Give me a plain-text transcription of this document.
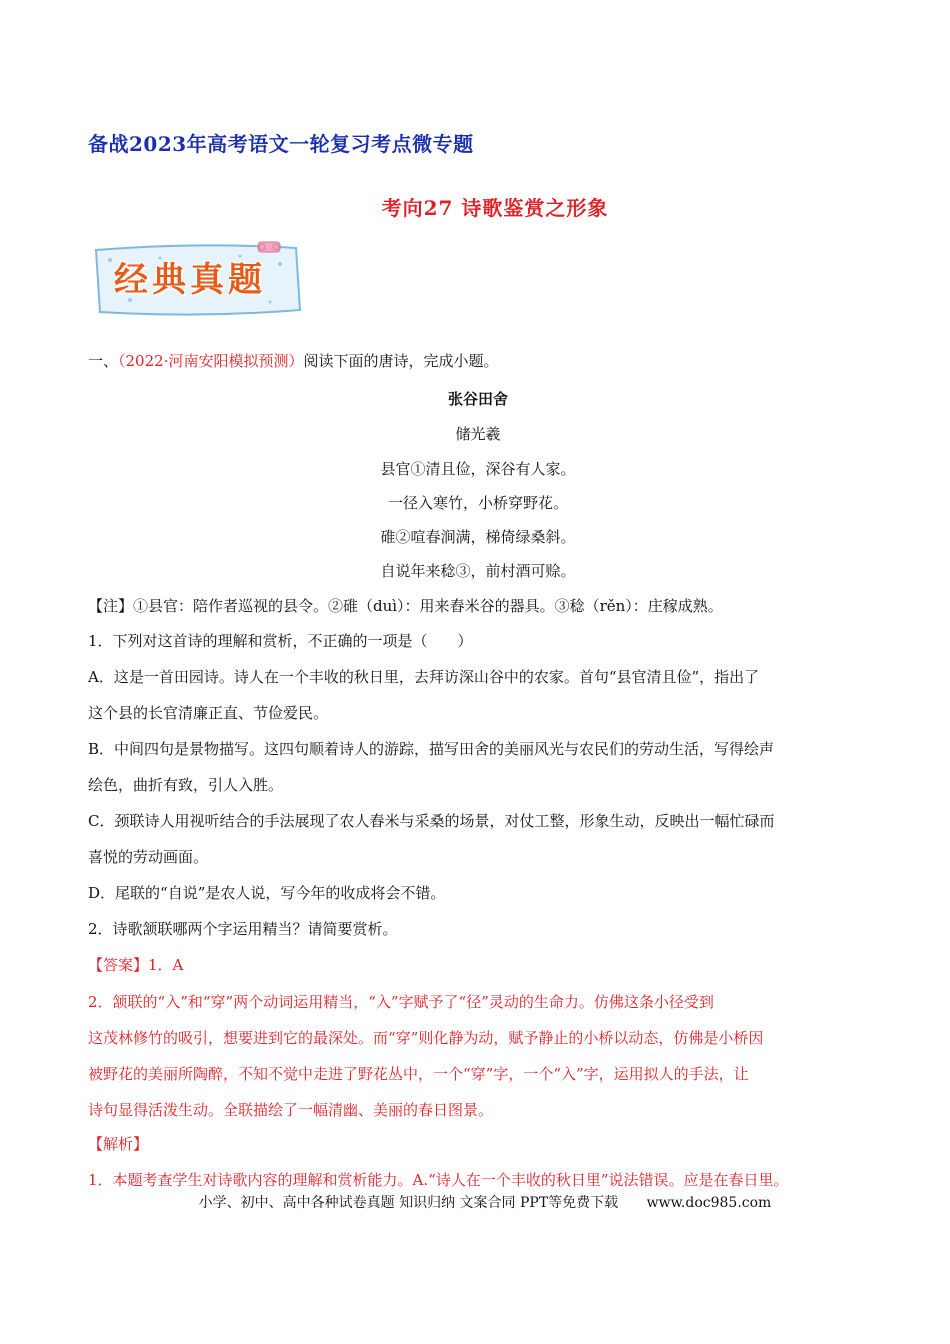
备战2023年高考语文一轮复习考点微专题
考向27 诗歌鉴赏之形象
经典真题
一、（2022·河南安阳模拟预测）阅读下面的唐诗，完成小题。
张谷田舍
储光羲
县官①清且俭，深谷有人家。
一径入寒竹，小桥穿野花。
碓②喧春涧满，梯倚绿桑斜。
自说年来稔③，前村酒可赊。
【注】①县官：陪作者巡视的县令。②碓（duì）：用来舂米谷的器具。③稔（rěn）：庄稼成熟。
1．下列对这首诗的理解和赏析，不正确的一项是（　　）
A．这是一首田园诗。诗人在一个丰收的秋日里，去拜访深山谷中的农家。首句“县官清且俭”，指出了
这个县的长官清廉正直、节俭爱民。
B．中间四句是景物描写。这四句顺着诗人的游踪，描写田舍的美丽风光与农民们的劳动生活，写得绘声
绘色，曲折有致，引人入胜。
C．颈联诗人用视听结合的手法展现了农人舂米与采桑的场景，对仗工整，形象生动，反映出一幅忙碌而
喜悦的劳动画面。
D．尾联的“自说”是农人说，写今年的收成将会不错。
2．诗歌颔联哪两个字运用精当？请简要赏析。
【答案】1．A
2．颔联的“入”和“穿”两个动词运用精当，“入”字赋予了“径”灵动的生命力。仿佛这条小径受到
这茂林修竹的吸引，想要进到它的最深处。而“穿”则化静为动，赋予静止的小桥以动态，仿佛是小桥因
被野花的美丽所陶醉，不知不觉中走进了野花丛中，一个“穿”字，一个“入”字，运用拟人的手法，让
诗句显得活泼生动。全联描绘了一幅清幽、美丽的春日图景。
【解析】
1．本题考查学生对诗歌内容的理解和赏析能力。A.“诗人在一个丰收的秋日里”说法错误。应是在春日里。
小学、初中、高中各种试卷真题 知识归纳 文案合同 PPT等免费下载 www.doc985.com
